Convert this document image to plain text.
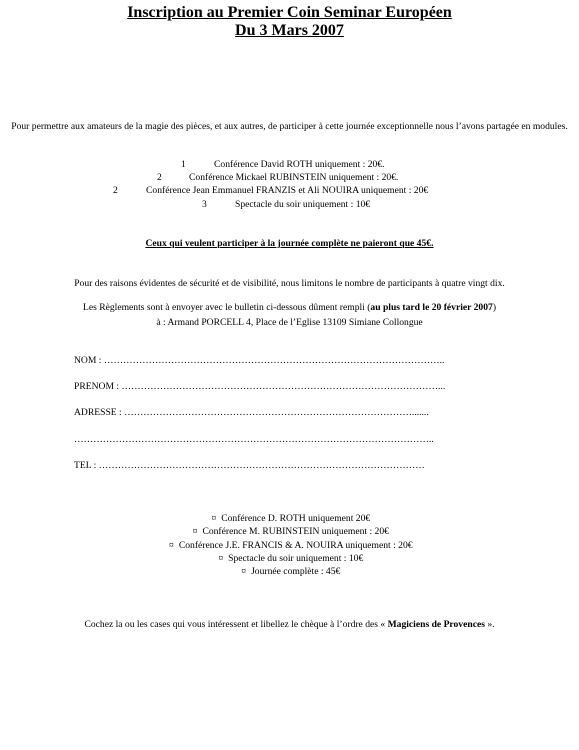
Inscription au Premier Coin Seminar Européen
Du 3 Mars 2007
Pour permettre aux amateurs de la magie des pièces, et aux autres, de participer à cette journée exceptionnelle nous l’avons partagée en modules.
1	Conférence David ROTH uniquement : 20€.
2	Conférence Mickael RUBINSTEIN uniquement : 20€.
2	Conférence Jean Emmanuel FRANZIS et Ali NOUIRA uniquement : 20€
3	Spectacle du soir uniquement : 10€
Ceux qui veulent participer à la journée complète ne paieront que 45€.
Pour des raisons évidentes de sécurité et de visibilité, nous limitons le nombre de participants à quatre vingt dix.
Les Règlements sont à envoyer avec le bulletin ci-dessous dûment rempli (au plus tard le 20 février 2007)
à : Armand PORCELL 4, Place de l’Eglise 13109 Simiane Collongue
NOM : ……………………………………………………………………………………………..
PRENOM : ………………………………………………………………………………………...
ADRESSE : ……………………………………………………………………………….......
…………………………………………………………………………………………………..
TEL : …………………………………………………………………………………………
¤ Conférence D. ROTH uniquement 20€
¤ Conférence M. RUBINSTEIN uniquement : 20€
¤ Conférence J.E. FRANCIS & A. NOUIRA uniquement : 20€
¤ Spectacle du soir uniquement : 10€
¤ Journée complète : 45€
Cochez la ou les cases qui vous intéressent et libellez le chèque à l’ordre des « Magiciens de Provences ».
